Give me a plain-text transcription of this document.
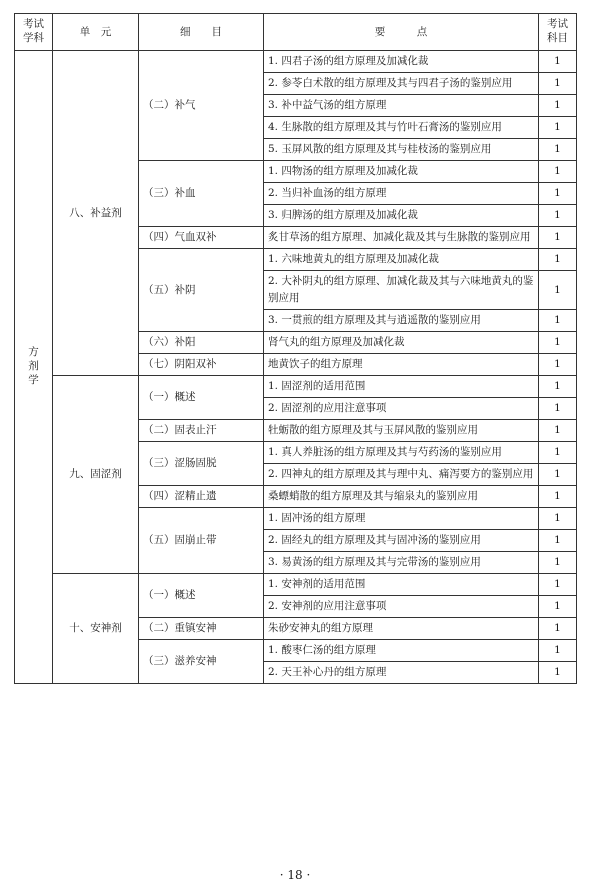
考试学科	单　元	细　　目	要　　　点	考试科目
方剂学	八、补益剂	（二）补气	1. 四君子汤的组方原理及加减化裁	1
			2. 参苓白术散的组方原理及其与四君子汤的鉴别应用	1
			3. 补中益气汤的组方原理	1
			4. 生脉散的组方原理及其与竹叶石膏汤的鉴别应用	1
			5. 玉屏风散的组方原理及其与桂枝汤的鉴别应用	1
		（三）补血	1. 四物汤的组方原理及加减化裁	1
			2. 当归补血汤的组方原理	1
			3. 归脾汤的组方原理及加减化裁	1
		（四）气血双补	炙甘草汤的组方原理、加减化裁及其与生脉散的鉴别应用	1
		（五）补阴	1. 六味地黄丸的组方原理及加减化裁	1
			2. 大补阴丸的组方原理、加减化裁及其与六味地黄丸的鉴别应用	1
			3. 一贯煎的组方原理及其与逍遥散的鉴别应用	1
		（六）补阳	肾气丸的组方原理及加减化裁	1
		（七）阴阳双补	地黄饮子的组方原理	1
	九、固涩剂	（一）概述	1. 固涩剂的适用范围	1
			2. 固涩剂的应用注意事项	1
		（二）固表止汗	牡蛎散的组方原理及其与玉屏风散的鉴别应用	1
		（三）涩肠固脱	1. 真人养脏汤的组方原理及其与芍药汤的鉴别应用	1
			2. 四神丸的组方原理及其与理中丸、痛泻要方的鉴别应用	1
		（四）涩精止遗	桑螵蛸散的组方原理及其与缩泉丸的鉴别应用	1
		（五）固崩止带	1. 固冲汤的组方原理	1
			2. 固经丸的组方原理及其与固冲汤的鉴别应用	1
			3. 易黄汤的组方原理及其与完带汤的鉴别应用	1
	十、安神剂	（一）概述	1. 安神剂的适用范围	1
			2. 安神剂的应用注意事项	1
		（二）重镇安神	朱砂安神丸的组方原理	1
		（三）滋养安神	1. 酸枣仁汤的组方原理	1
			2. 天王补心丹的组方原理	1
· 18 ·
